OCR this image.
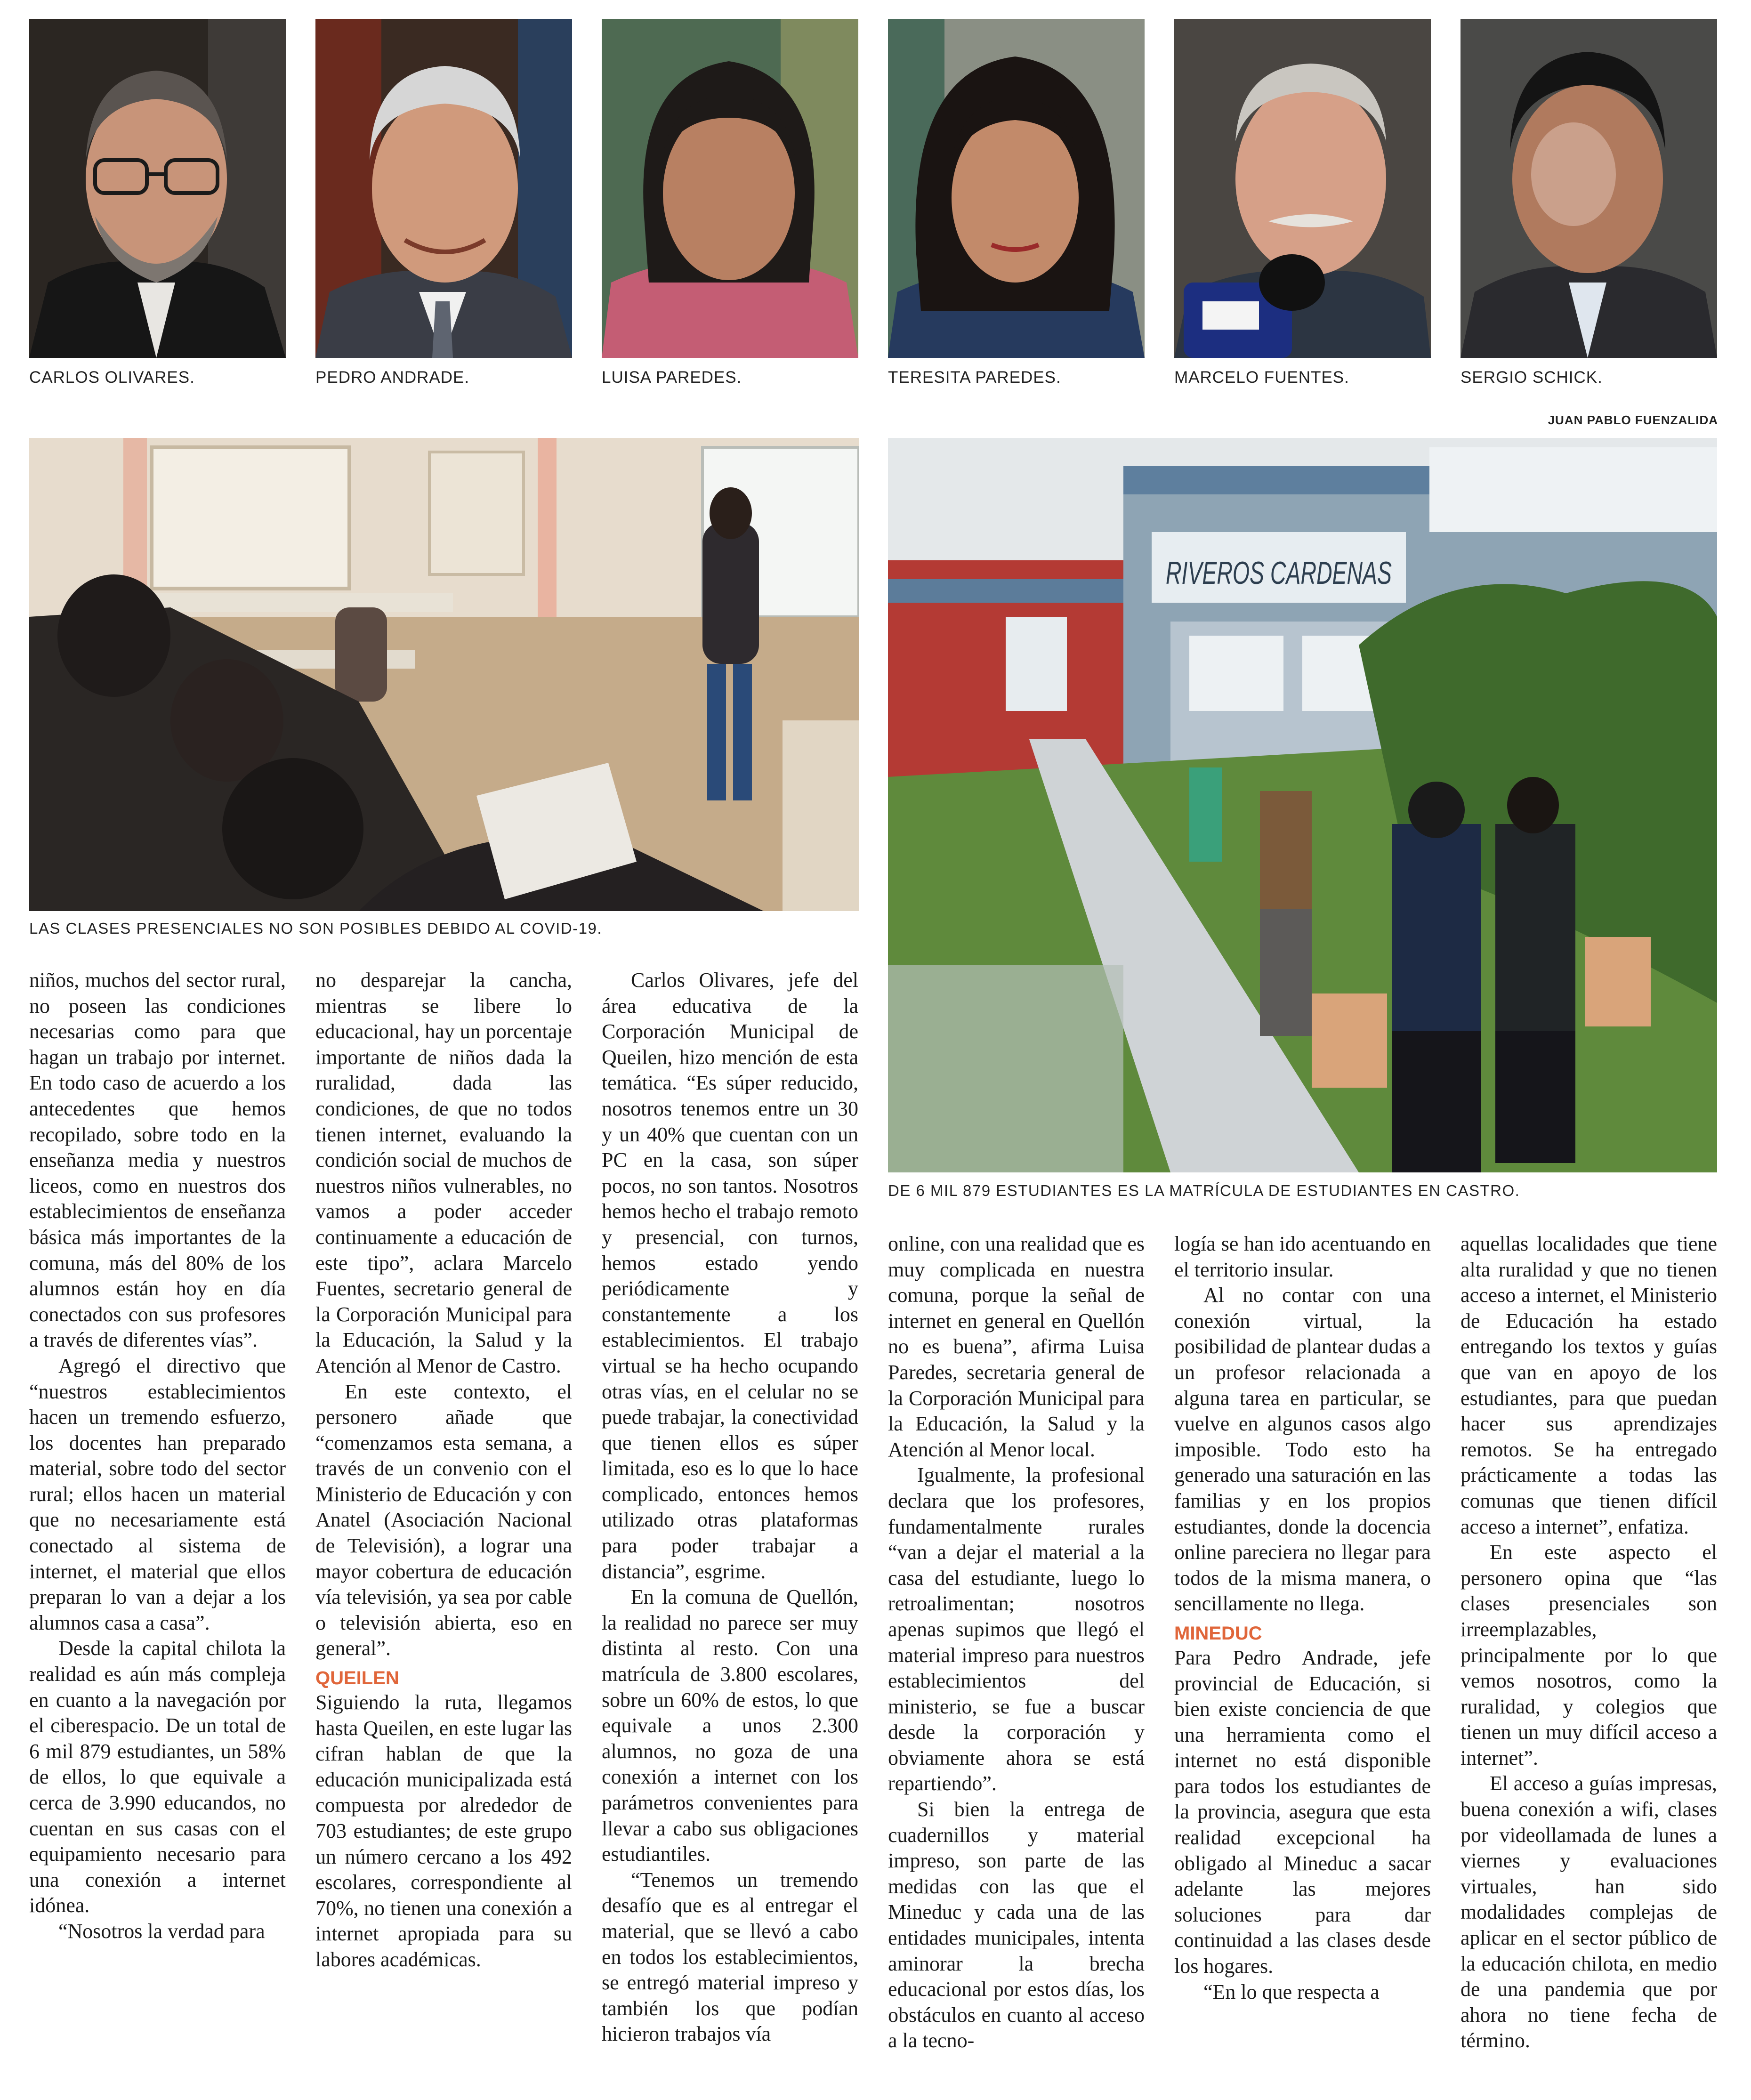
CARLOS OLIVARES.	PEDRO ANDRADE.	LUISA PAREDES.	TERESITA PAREDES.	MARCELO FUENTES.	SERGIO SCHICK.
JUAN PABLO FUENZALIDA
LAS CLASES PRESENCIALES NO SON POSIBLES DEBIDO AL COVID-19.
RIVEROS CARDENAS
DE 6 MIL 879 ESTUDIANTES ES LA MATRÍCULA DE ESTUDIANTES EN CASTRO.

niños, muchos del sector rural, no poseen las condiciones necesarias como para que hagan un trabajo por internet. En todo caso de acuerdo a los antecedentes que hemos recopilado, sobre todo en la enseñanza media y nuestros liceos, como en nuestros dos establecimientos de enseñanza básica más importantes de la comuna, más del 80% de los alumnos están hoy en día conectados con sus profesores a través de diferentes vías”.

Agregó el directivo que “nuestros establecimientos hacen un tremendo esfuerzo, los docentes han preparado material, sobre todo del sector rural; ellos hacen un material que no necesariamente está conectado al sistema de internet, el material que ellos preparan lo van a dejar a los alumnos casa a casa”.

Desde la capital chilota la realidad es aún más compleja en cuanto a la navegación por el ciberespacio. De un total de 6 mil 879 estudiantes, un 58% de ellos, lo que equivale a cerca de 3.990 educandos, no cuentan en sus casas con el equipamiento necesario para una conexión a internet idónea.

“Nosotros la verdad para

no desparejar la cancha, mientras se libere lo educacional, hay un porcentaje importante de niños dada la ruralidad, dada las condiciones, de que no todos tienen internet, evaluando la condición social de muchos de nuestros niños vulnerables, no vamos a poder acceder continuamente a educación de este tipo”, aclara Marcelo Fuentes, secretario general de la Corporación Municipal para la Educación, la Salud y la Atención al Menor de Castro.

En este contexto, el personero añade que “comenzamos esta semana, a través de un convenio con el Ministerio de Educación y con Anatel (Asociación Nacional de Televisión), a lograr una mayor cobertura de educación vía televisión, ya sea por cable o televisión abierta, eso en general”.

QUEILEN

Siguiendo la ruta, llegamos hasta Queilen, en este lugar las cifran hablan de que la educación municipalizada está compuesta por alrededor de 703 estudiantes; de este grupo un número cercano a los 492 escolares, correspondiente al 70%, no tienen una conexión a internet apropiada para su labores académicas.

Carlos Olivares, jefe del área educativa de la Corporación Municipal de Queilen, hizo mención de esta temática. “Es súper reducido, nosotros tenemos entre un 30 y un 40% que cuentan con un PC en la casa, son súper pocos, no son tantos. Nosotros hemos hecho el trabajo remoto y presencial, con turnos, hemos estado yendo periódicamente y constantemente a los establecimientos. El trabajo virtual se ha hecho ocupando otras vías, en el celular no se puede trabajar, la conectividad que tienen ellos es súper limitada, eso es lo que lo hace complicado, entonces hemos utilizado otras plataformas para poder trabajar a distancia”, esgrime.

En la comuna de Quellón, la realidad no parece ser muy distinta al resto. Con una matrícula de 3.800 escolares, sobre un 60% de estos, lo que equivale a unos 2.300 alumnos, no goza de una conexión a internet con los parámetros convenientes para llevar a cabo sus obligaciones estudiantiles.

“Tenemos un tremendo desafío que es al entregar el material, que se llevó a cabo en todos los establecimientos, se entregó material impreso y también los que podían hicieron trabajos vía

online, con una realidad que es muy complicada en nuestra comuna, porque la señal de internet en general en Quellón no es buena”, afirma Luisa Paredes, secretaria general de la Corporación Municipal para la Educación, la Salud y la Atención al Menor local.

Igualmente, la profesional declara que los profesores, fundamentalmente rurales “van a dejar el material a la casa del estudiante, luego lo retroalimentan; nosotros apenas supimos que llegó el material impreso para nuestros establecimientos del ministerio, se fue a buscar desde la corporación y obviamente ahora se está repartiendo”.

Si bien la entrega de cuadernillos y material impreso, son parte de las medidas con las que el Mineduc y cada una de las entidades municipales, intenta aminorar la brecha educacional por estos días, los obstáculos en cuanto al acceso a la tecno-

logía se han ido acentuando en el territorio insular.

Al no contar con una conexión virtual, la posibilidad de plantear dudas a un profesor relacionada a alguna tarea en particular, se vuelve en algunos casos algo imposible. Todo esto ha generado una saturación en las familias y en los propios estudiantes, donde la docencia online pareciera no llegar para todos de la misma manera, o sencillamente no llega.

MINEDUC

Para Pedro Andrade, jefe provincial de Educación, si bien existe conciencia de que una herramienta como el internet no está disponible para todos los estudiantes de la provincia, asegura que esta realidad excepcional ha obligado al Mineduc a sacar adelante las mejores soluciones para dar continuidad a las clases desde los hogares.

“En lo que respecta a

aquellas localidades que tiene alta ruralidad y que no tienen acceso a internet, el Ministerio de Educación ha estado entregando los textos y guías que van en apoyo de los estudiantes, para que puedan hacer sus aprendizajes remotos. Se ha entregado prácticamente a todas las comunas que tienen difícil acceso a internet”, enfatiza.

En este aspecto el personero opina que “las clases presenciales son irreemplazables, principalmente por lo que vemos nosotros, como la ruralidad, y colegios que tienen un muy difícil acceso a internet”.

El acceso a guías impresas, buena conexión a wifi, clases por videollamada de lunes a viernes y evaluaciones virtuales, han sido modalidades complejas de aplicar en el sector público de la educación chilota, en medio de una pandemia que por ahora no tiene fecha de término.
